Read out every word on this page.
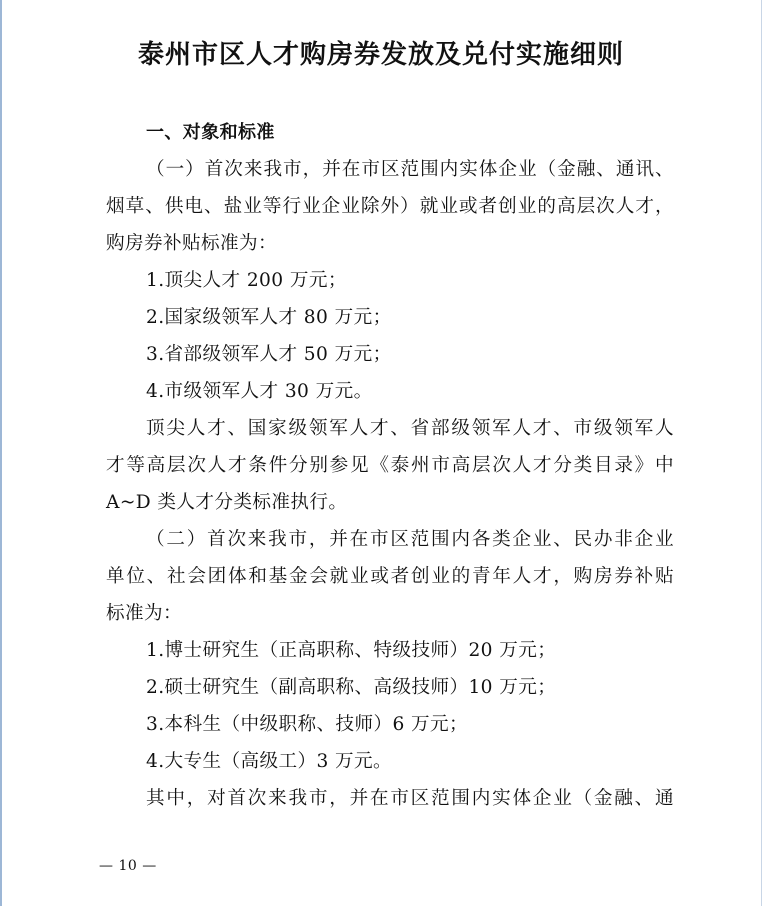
泰州市区人才购房券发放及兑付实施细则
一、对象和标准
（一）首次来我市，并在市区范围内实体企业（金融、通讯、
烟草、供电、盐业等行业企业除外）就业或者创业的高层次人才，
购房券补贴标准为：
1.顶尖人才 200 万元；
2.国家级领军人才 80 万元；
3.省部级领军人才 50 万元；
4.市级领军人才 30 万元。
顶尖人才、国家级领军人才、省部级领军人才、市级领军人
才等高层次人才条件分别参见《泰州市高层次人才分类目录》中
A~D 类人才分类标准执行。
（二）首次来我市，并在市区范围内各类企业、民办非企业
单位、社会团体和基金会就业或者创业的青年人才，购房券补贴
标准为：
1.博士研究生（正高职称、特级技师）20 万元；
2.硕士研究生（副高职称、高级技师）10 万元；
3.本科生（中级职称、技师）6 万元；
4.大专生（高级工）3 万元。
其中，对首次来我市，并在市区范围内实体企业（金融、通
— 10 —
